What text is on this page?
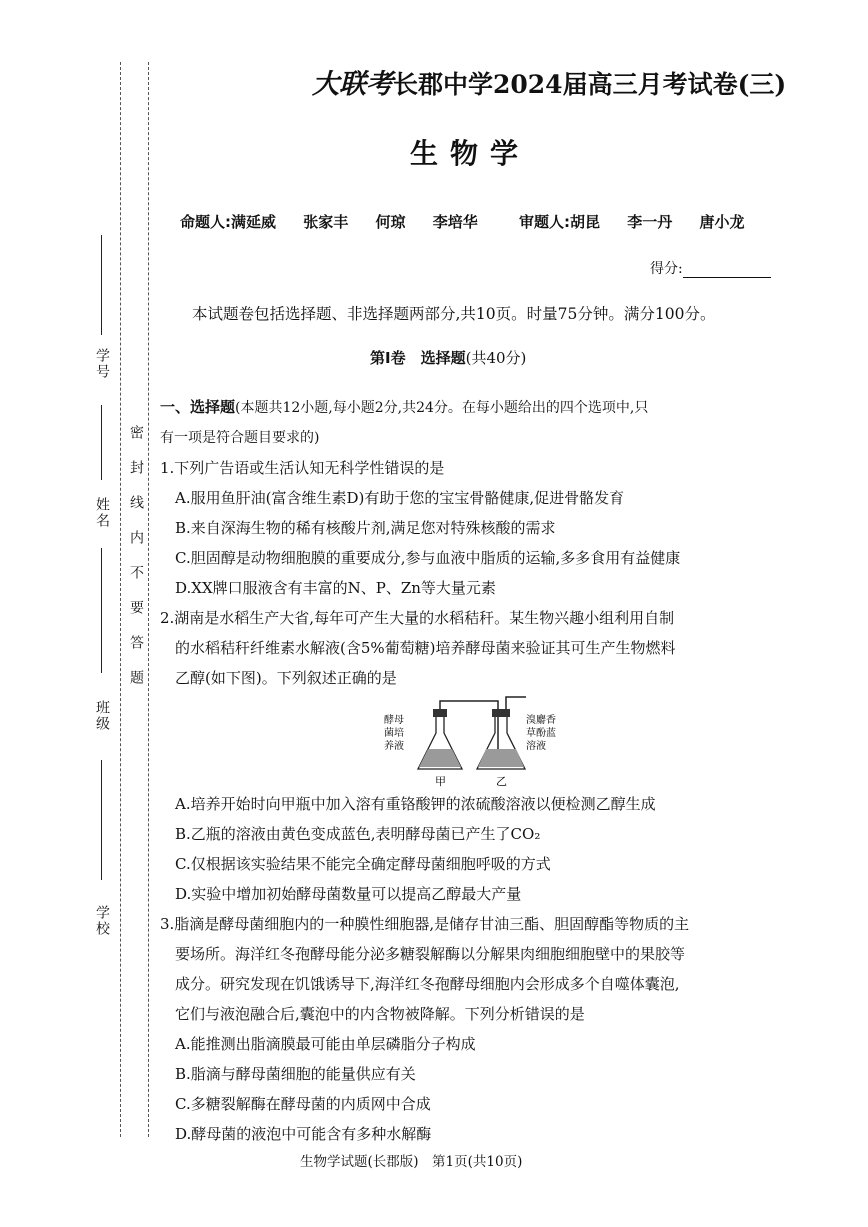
学号
姓名
班级
学校
密封线内不要答题
大联考长郡中学2024届高三月考试卷(三)
生物学
命题人:满延威 张家丰 何琼 李培华	审题人:胡昆 李一丹 唐小龙
得分:
本试题卷包括选择题、非选择题两部分,共10页。时量75分钟。满分100分。
第Ⅰ卷　选择题(共40分)
一、选择题(本题共12小题,每小题2分,共24分。在每小题给出的四个选项中,只
有一项是符合题目要求的)
1.下列广告语或生活认知无科学性错误的是
A.服用鱼肝油(富含维生素D)有助于您的宝宝骨骼健康,促进骨骼发育
B.来自深海生物的稀有核酸片剂,满足您对特殊核酸的需求
C.胆固醇是动物细胞膜的重要成分,参与血液中脂质的运输,多多食用有益健康
D.XX牌口服液含有丰富的N、P、Zn等大量元素
2.湖南是水稻生产大省,每年可产生大量的水稻秸秆。某生物兴趣小组利用自制
的水稻秸秆纤维素水解液(含5%葡萄糖)培养酵母菌来验证其可生产生物燃料
乙醇(如下图)。下列叙述正确的是
酵母
菌培
养液
溴麝香
草酚蓝
溶液
甲	乙
A.培养开始时向甲瓶中加入溶有重铬酸钾的浓硫酸溶液以便检测乙醇生成
B.乙瓶的溶液由黄色变成蓝色,表明酵母菌已产生了CO₂
C.仅根据该实验结果不能完全确定酵母菌细胞呼吸的方式
D.实验中增加初始酵母菌数量可以提高乙醇最大产量
3.脂滴是酵母菌细胞内的一种膜性细胞器,是储存甘油三酯、胆固醇酯等物质的主
要场所。海洋红冬孢酵母能分泌多糖裂解酶以分解果肉细胞细胞壁中的果胶等
成分。研究发现在饥饿诱导下,海洋红冬孢酵母细胞内会形成多个自噬体囊泡,
它们与液泡融合后,囊泡中的内含物被降解。下列分析错误的是
A.能推测出脂滴膜最可能由单层磷脂分子构成
B.脂滴与酵母菌细胞的能量供应有关
C.多糖裂解酶在酵母菌的内质网中合成
D.酵母菌的液泡中可能含有多种水解酶
生物学试题(长郡版)　第1页(共10页)
